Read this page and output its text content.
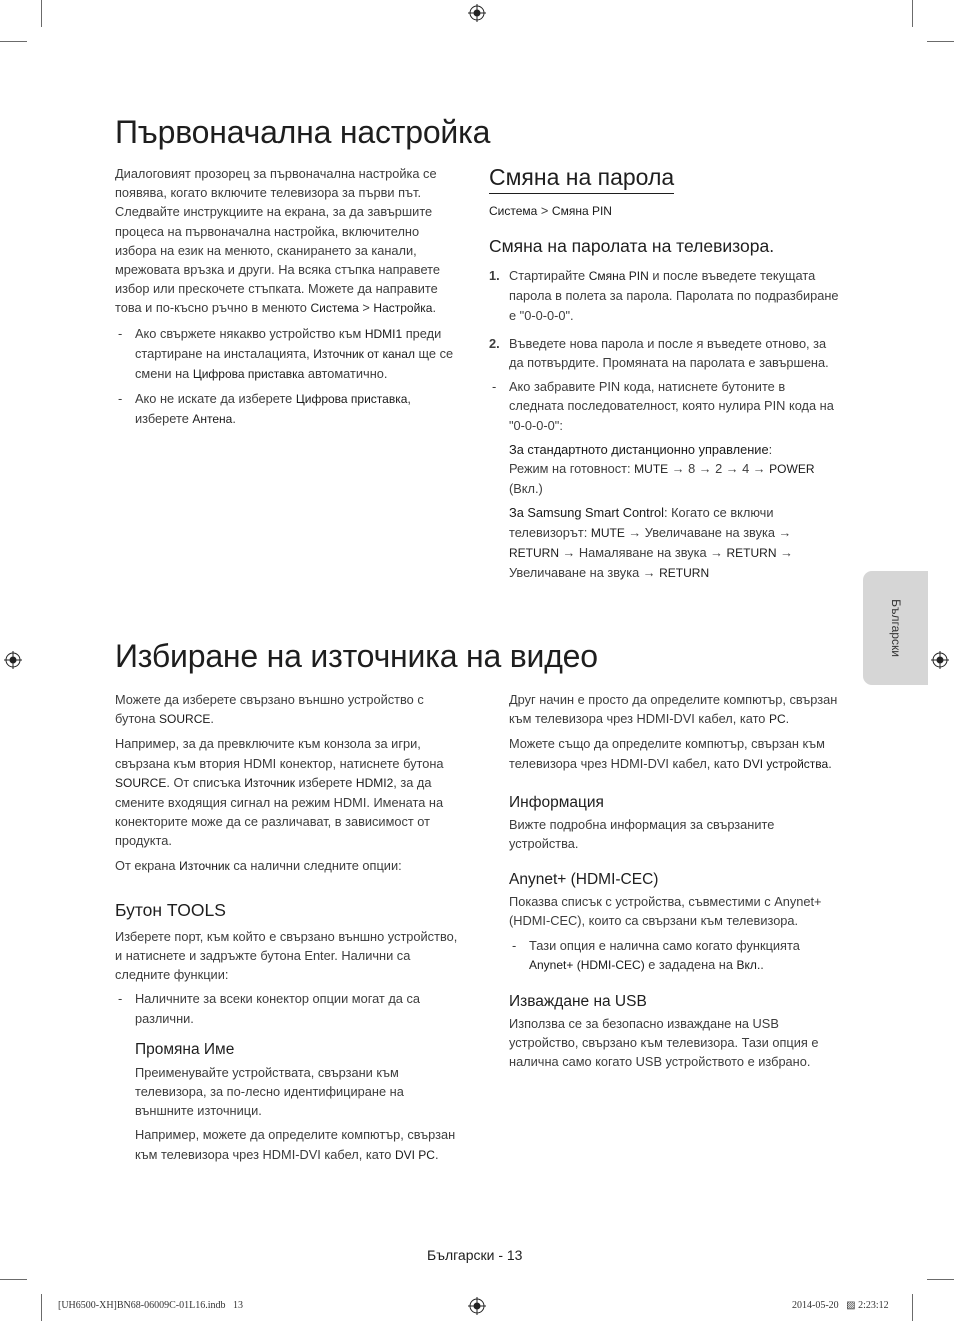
Първоначална настройка

Диалоговият прозорец за първоначална настройка се появява, когато включите телевизора за първи път. Следвайте инструкциите на екрана, за да завършите процеса на първоначална настройка, включително избора на език на менюто, сканирането за канали, мрежовата връзка и други. На всяка стъпка направете избор или прескочете стъпката. Можете да направите това и по-късно ръчно в менюто Система > Настройка.

- Ако свържете някакво устройство към HDMI1 преди стартиране на инсталацията, Източник от канал ще се смени на Цифрова приставка автоматично.

- Ако не искате да изберете Цифрова приставка, изберете Антена.

Смяна на парола

Система > Смяна PIN

Смяна на паролата на телевизора.

1. Стартирайте Смяна PIN и после въведете текущата парола в полета за парола. Паролата по подразбиране е "0-0-0-0".

2. Въведете нова парола и после я въведете отново, за да потвърдите. Промяната на паролата е завършена.

- Ако забравите PIN кода, натиснете бутоните в следната последователност, която нулира PIN кода на "0-0-0-0":

За стандартното дистанционно управление:
Режим на готовност: MUTE → 8 → 2 → 4 → POWER (Вкл.)

За Samsung Smart Control: Когато се включи телевизорът: MUTE → Увеличаване на звука → RETURN → Намаляване на звука → RETURN → Увеличаване на звука → RETURN

Български
Избиране на източника на видео

Можете да изберете свързано външно устройство с бутона SOURCE.

Например, за да превключите към конзола за игри, свързана към втория HDMI конектор, натиснете бутона SOURCE. От списъка Източник изберете HDMI2, за да смените входящия сигнал на режим HDMI. Имената на конекторите може да се различават, в зависимост от продукта.

От екрана Източник са налични следните опции:

Бутон TOOLS

Изберете порт, към който е свързано външно устройство, и натиснете и задръжте бутона Enter. Налични са следните функции:

- Наличните за всеки конектор опции могат да са различни.

Промяна Име

Преименувайте устройствата, свързани към телевизора, за по-лесно идентифициране на външните източници.

Например, можете да определите компютър, свързан към телевизора чрез HDMI-DVI кабел, като DVI PC.

Друг начин е просто да определите компютър, свързан към телевизора чрез HDMI-DVI кабел, като PC.

Можете също да определите компютър, свързан към телевизора чрез HDMI-DVI кабел, като DVI устройства.

Информация

Вижте подробна информация за свързаните устройства.

Anynet+ (HDMI-CEC)

Показва списък с устройства, съвместими с Anynet+ (HDMI-CEC), които са свързани към телевизора.

- Тази опция е налична само когато функцията Anynet+ (HDMI-CEC) е зададена на Вкл..

Изваждане на USB

Използва се за безопасно изваждане на USB устройство, свързано към телевизора. Тази опция е налична само когато USB устройството е избрано.

Български - 13
[UH6500-XH]BN68-06009C-01L16.indb   13	2014-05-20   ▨ 2:23:12
